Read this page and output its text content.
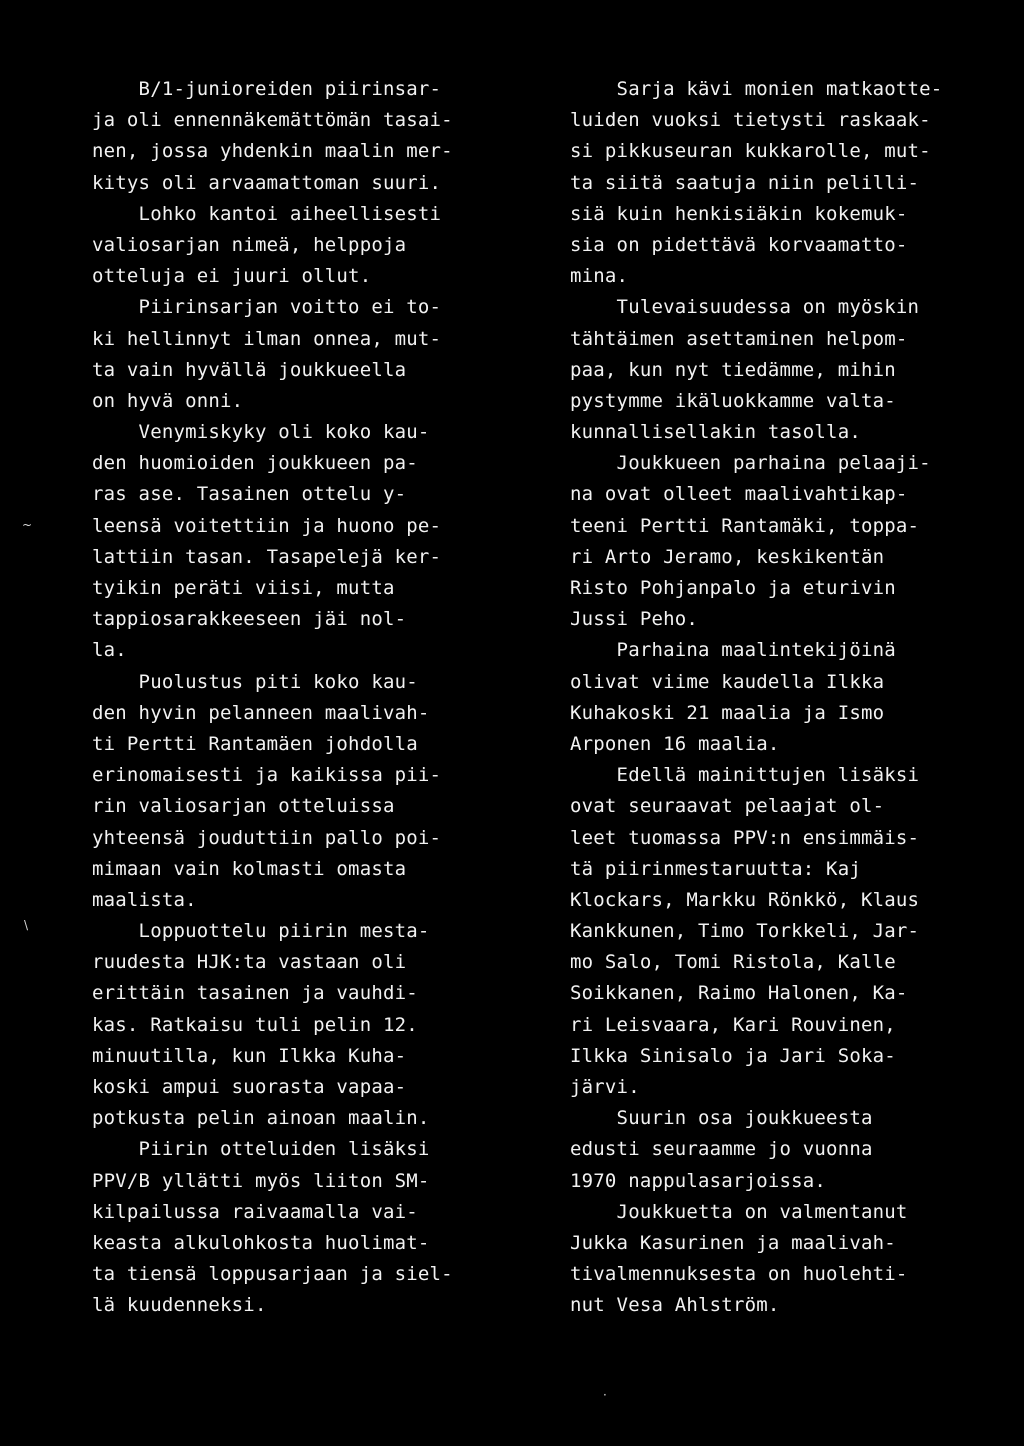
B/1-junioreiden piirinsar-
ja oli ennennäkemättömän tasai-
nen, jossa yhdenkin maalin mer-
kitys oli arvaamattoman suuri.
Lohko kantoi aiheellisesti
valiosarjan nimeä, helppoja
otteluja ei juuri ollut.
Piirinsarjan voitto ei to-
ki hellinnyt ilman onnea, mut-
ta vain hyvällä joukkueella
on hyvä onni.
Venymiskyky oli koko kau-
den huomioiden joukkueen pa-
ras ase. Tasainen ottelu y-
leensä voitettiin ja huono pe-
lattiin tasan. Tasapelejä ker-
tyikin peräti viisi, mutta
tappiosarakkeeseen jäi nol-
la.
Puolustus piti koko kau-
den hyvin pelanneen maalivah-
ti Pertti Rantamäen johdolla
erinomaisesti ja kaikissa pii-
rin valiosarjan otteluissa
yhteensä jouduttiin pallo poi-
mimaan vain kolmasti omasta
maalista.
Loppuottelu piirin mesta-
ruudesta HJK:ta vastaan oli
erittäin tasainen ja vauhdi-
kas. Ratkaisu tuli pelin 12.
minuutilla, kun Ilkka Kuha-
koski ampui suorasta vapaa-
potkusta pelin ainoan maalin.
Piirin otteluiden lisäksi
PPV/B yllätti myös liiton SM-
kilpailussa raivaamalla vai-
keasta alkulohkosta huolimat-
ta tiensä loppusarjaan ja siel-
lä kuudenneksi.
Sarja kävi monien matkaotte-
luiden vuoksi tietysti raskaak-
si pikkuseuran kukkarolle, mut-
ta siitä saatuja niin pelilli-
siä kuin henkisiäkin kokemuk-
sia on pidettävä korvaamatto-
mina.
Tulevaisuudessa on myöskin
tähtäimen asettaminen helpom-
paa, kun nyt tiedämme, mihin
pystymme ikäluokkamme valta-
kunnallisellakin tasolla.
Joukkueen parhaina pelaaji-
na ovat olleet maalivahtikap-
teeni Pertti Rantamäki, toppa-
ri Arto Jeramo, keskikentän
Risto Pohjanpalo ja eturivin
Jussi Peho.
Parhaina maalintekijöinä
olivat viime kaudella Ilkka
Kuhakoski 21 maalia ja Ismo
Arponen 16 maalia.
Edellä mainittujen lisäksi
ovat seuraavat pelaajat ol-
leet tuomassa PPV:n ensimmäis-
tä piirinmestaruutta: Kaj
Klockars, Markku Rönkkö, Klaus
Kankkunen, Timo Torkkeli, Jar-
mo Salo, Tomi Ristola, Kalle
Soikkanen, Raimo Halonen, Ka-
ri Leisvaara, Kari Rouvinen,
Ilkka Sinisalo ja Jari Soka-
järvi.
Suurin osa joukkueesta
edusti seuraamme jo vuonna
1970 nappulasarjoissa.
Joukkuetta on valmentanut
Jukka Kasurinen ja maalivah-
tivalmennuksesta on huolehti-
nut Vesa Ahlström.
~
\
·
